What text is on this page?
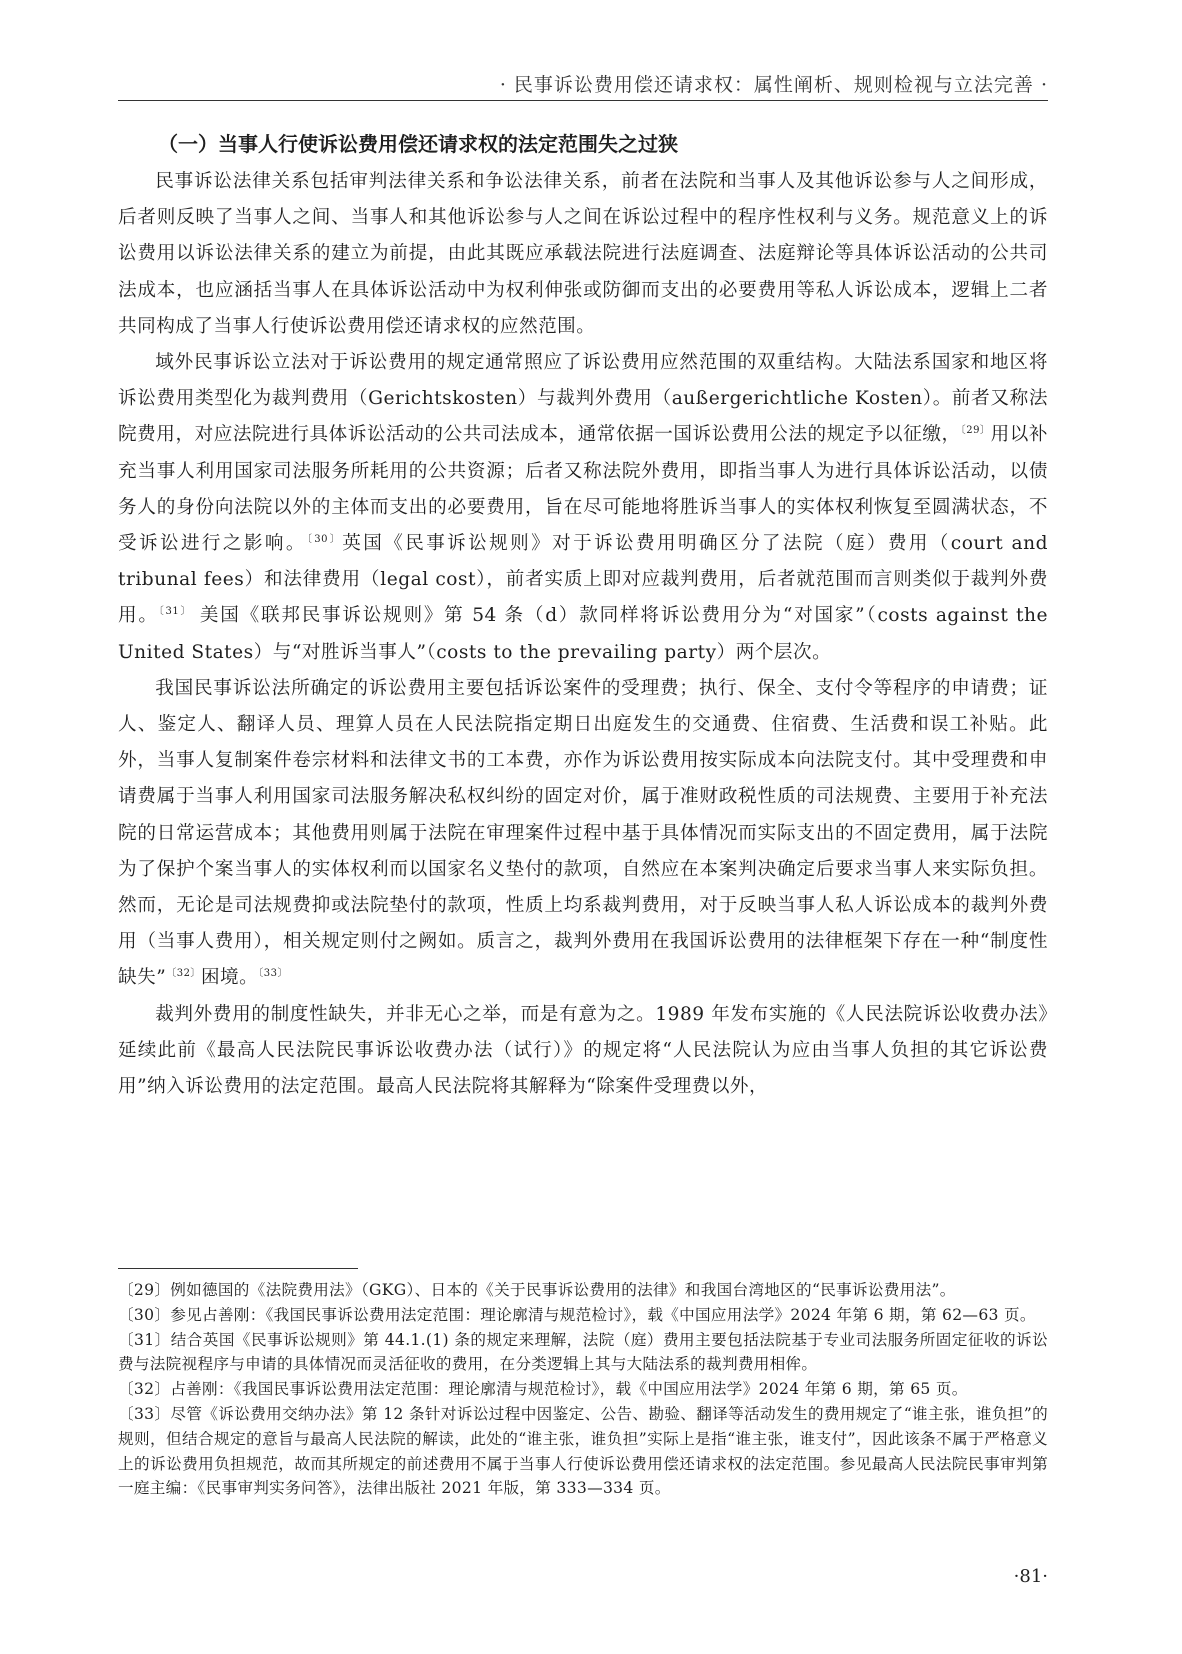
· 民事诉讼费用偿还请求权：属性阐析、规则检视与立法完善 ·
（一）当事人行使诉讼费用偿还请求权的法定范围失之过狭

民事诉讼法律关系包括审判法律关系和争讼法律关系，前者在法院和当事人及其他诉讼参与人之间形成，后者则反映了当事人之间、当事人和其他诉讼参与人之间在诉讼过程中的程序性权利与义务。规范意义上的诉讼费用以诉讼法律关系的建立为前提，由此其既应承载法院进行法庭调查、法庭辩论等具体诉讼活动的公共司法成本，也应涵括当事人在具体诉讼活动中为权利伸张或防御而支出的必要费用等私人诉讼成本，逻辑上二者共同构成了当事人行使诉讼费用偿还请求权的应然范围。

域外民事诉讼立法对于诉讼费用的规定通常照应了诉讼费用应然范围的双重结构。大陆法系国家和地区将诉讼费用类型化为裁判费用（Gerichtskosten）与裁判外费用（außergerichtliche Kosten）。前者又称法院费用，对应法院进行具体诉讼活动的公共司法成本，通常依据一国诉讼费用公法的规定予以征缴，$^{〔29〕}$用以补充当事人利用国家司法服务所耗用的公共资源；后者又称法院外费用，即指当事人为进行具体诉讼活动，以债务人的身份向法院以外的主体而支出的必要费用，旨在尽可能地将胜诉当事人的实体权利恢复至圆满状态，不受诉讼进行之影响。$^{〔30〕}$英国《民事诉讼规则》对于诉讼费用明确区分了法院（庭）费用（court and tribunal fees）和法律费用（legal cost），前者实质上即对应裁判费用，后者就范围而言则类似于裁判外费用。$^{〔31〕}$ 美国《联邦民事诉讼规则》第 54 条（d）款同样将诉讼费用分为“对国家”（costs against the United States）与“对胜诉当事人”（costs to the prevailing party）两个层次。

我国民事诉讼法所确定的诉讼费用主要包括诉讼案件的受理费；执行、保全、支付令等程序的申请费；证人、鉴定人、翻译人员、理算人员在人民法院指定期日出庭发生的交通费、住宿费、生活费和误工补贴。此外，当事人复制案件卷宗材料和法律文书的工本费，亦作为诉讼费用按实际成本向法院支付。其中受理费和申请费属于当事人利用国家司法服务解决私权纠纷的固定对价，属于准财政税性质的司法规费、主要用于补充法院的日常运营成本；其他费用则属于法院在审理案件过程中基于具体情况而实际支出的不固定费用，属于法院为了保护个案当事人的实体权利而以国家名义垫付的款项，自然应在本案判决确定后要求当事人来实际负担。然而，无论是司法规费抑或法院垫付的款项，性质上均系裁判费用，对于反映当事人私人诉讼成本的裁判外费用（当事人费用），相关规定则付之阙如。质言之，裁判外费用在我国诉讼费用的法律框架下存在一种“制度性缺失”$^{〔32〕}$困境。$^{〔33〕}$

裁判外费用的制度性缺失，并非无心之举，而是有意为之。1989 年发布实施的《人民法院诉讼收费办法》延续此前《最高人民法院民事诉讼收费办法（试行）》的规定将“人民法院认为应由当事人负担的其它诉讼费用”纳入诉讼费用的法定范围。最高人民法院将其解释为“除案件受理费以外，

〔29〕例如德国的《法院费用法》（GKG）、日本的《关于民事诉讼费用的法律》和我国台湾地区的“民事诉讼费用法”。

〔30〕参见占善刚：《我国民事诉讼费用法定范围：理论廓清与规范检讨》，载《中国应用法学》2024 年第 6 期，第 62—63 页。

〔31〕结合英国《民事诉讼规则》第 44.1.(1) 条的规定来理解，法院（庭）费用主要包括法院基于专业司法服务所固定征收的诉讼费与法院视程序与申请的具体情况而灵活征收的费用，在分类逻辑上其与大陆法系的裁判费用相侔。

〔32〕占善刚：《我国民事诉讼费用法定范围：理论廓清与规范检讨》，载《中国应用法学》2024 年第 6 期，第 65 页。

〔33〕尽管《诉讼费用交纳办法》第 12 条针对诉讼过程中因鉴定、公告、勘验、翻译等活动发生的费用规定了“谁主张，谁负担”的规则，但结合规定的意旨与最高人民法院的解读，此处的“谁主张，谁负担”实际上是指“谁主张，谁支付”，因此该条不属于严格意义上的诉讼费用负担规范，故而其所规定的前述费用不属于当事人行使诉讼费用偿还请求权的法定范围。参见最高人民法院民事审判第一庭主编：《民事审判实务问答》，法律出版社 2021 年版，第 333—334 页。

·81·
